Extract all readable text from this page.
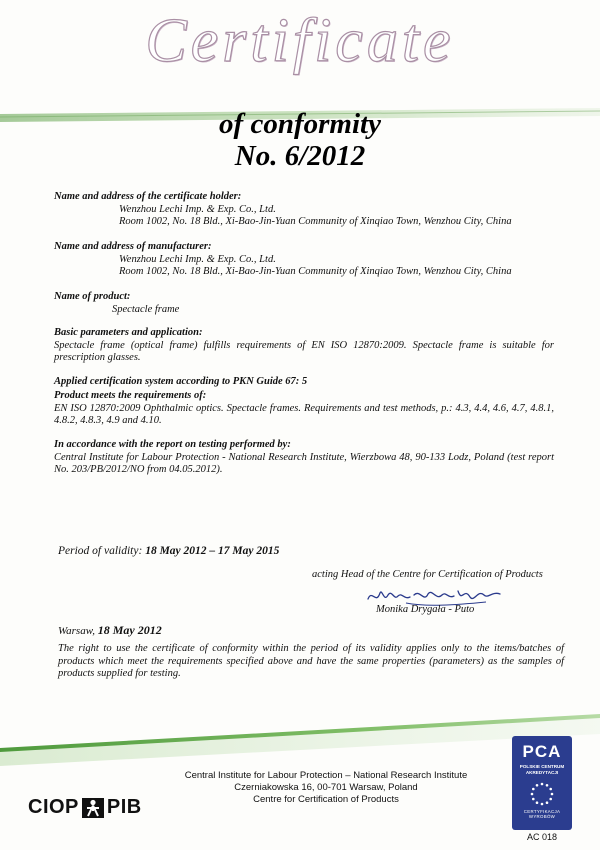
Certificate
of conformity
No. 6/2012
Name and address of the certificate holder:
Wenzhou Lechi Imp. & Exp. Co., Ltd.
Room 1002, No. 18 Bld., Xi-Bao-Jin-Yuan Community of Xinqiao Town, Wenzhou City, China
Name and address of manufacturer:
Wenzhou Lechi Imp. & Exp. Co., Ltd.
Room 1002, No. 18 Bld., Xi-Bao-Jin-Yuan Community of Xinqiao Town, Wenzhou City, China
Name of product:
Spectacle frame
Basic parameters and application:
Spectacle frame (optical frame) fulfills requirements of EN ISO 12870:2009. Spectacle frame is suitable for prescription glasses.
Applied certification system according to PKN Guide 67: 5
Product meets the requirements of:
EN ISO 12870:2009 Ophthalmic optics. Spectacle frames. Requirements and test methods, p.: 4.3, 4.4, 4.6, 4.7, 4.8.1, 4.8.2, 4.8.3, 4.9 and 4.10.
In accordance with the report on testing performed by:
Central Institute for Labour Protection - National Research Institute, Wierzbowa 48, 90-133 Lodz, Poland (test report No. 203/PB/2012/NO from 04.05.2012).
Period of validity: 18 May 2012 – 17 May 2015
acting Head of the Centre for Certification of Products
Monika Drygała - Puto
Warsaw, 18 May 2012
The right to use the certificate of conformity within the period of its validity applies only to the items/batches of products which meet the requirements specified above and have the same properties (parameters) as the samples of products supplied for testing.
Central Institute for Labour Protection – National Research Institute
Czerniakowska 16, 00-701 Warsaw, Poland
Centre for Certification of Products
CIOP PIB
PCA
POLSKIE CENTRUM
AKREDYTACJI
CERTYFIKACJA
WYROBÓW
AC 018
